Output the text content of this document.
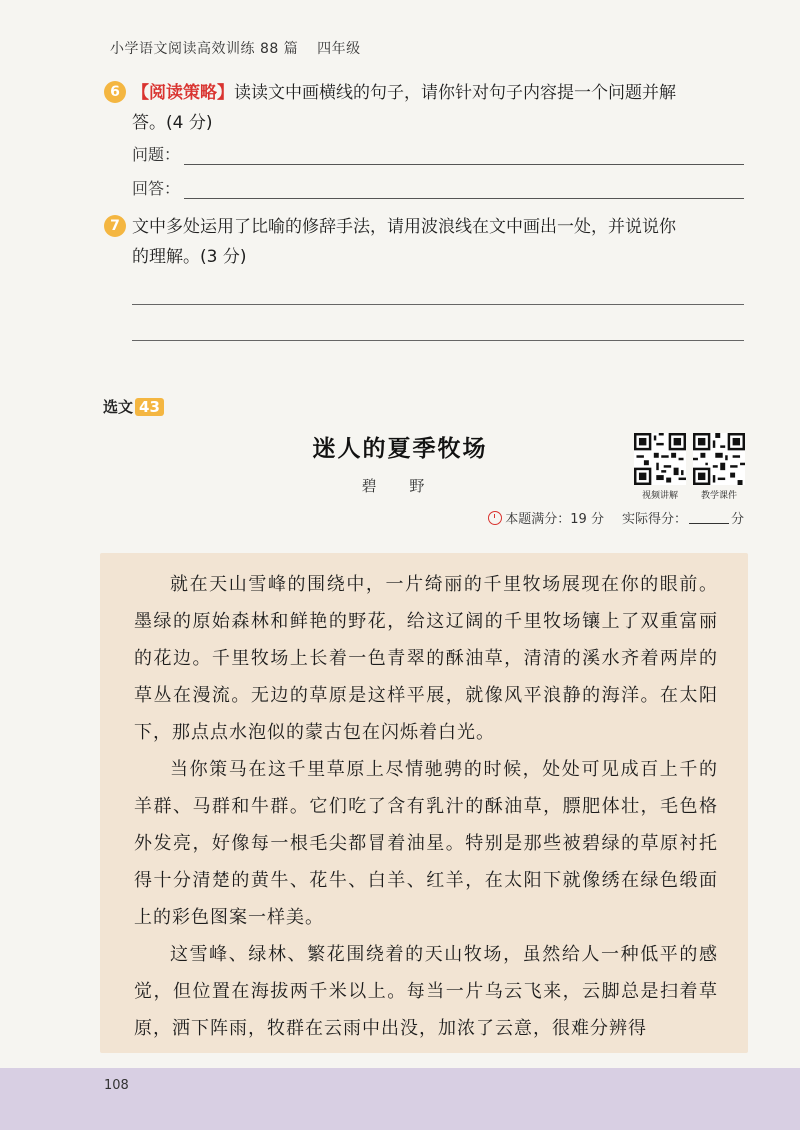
小学语文阅读高效训练 88 篇 四年级
6 【阅读策略】读读文中画横线的句子，请你针对句子内容提一个问题并解
答。(4 分)
问题：
回答：
7 文中多处运用了比喻的修辞手法，请用波浪线在文中画出一处，并说说你
的理解。(3 分)
选文 43
迷人的夏季牧场
碧 野
视频讲解	教学课件
本题满分：19 分 实际得分：	分

就在天山雪峰的围绕中，一片绮丽的千里牧场展现在你的眼前。墨绿的原始森林和鲜艳的野花，给这辽阔的千里牧场镶上了双重富丽的花边。千里牧场上长着一色青翠的酥油草，清清的溪水齐着两岸的草丛在漫流。无边的草原是这样平展，就像风平浪静的海洋。在太阳下，那点点水泡似的蒙古包在闪烁着白光。

当你策马在这千里草原上尽情驰骋的时候，处处可见成百上千的羊群、马群和牛群。它们吃了含有乳汁的酥油草，膘肥体壮，毛色格外发亮，好像每一根毛尖都冒着油星。特别是那些被碧绿的草原衬托得十分清楚的黄牛、花牛、白羊、红羊，在太阳下就像绣在绿色缎面上的彩色图案一样美。

这雪峰、绿林、繁花围绕着的天山牧场，虽然给人一种低平的感觉，但位置在海拔两千米以上。每当一片乌云飞来，云脚总是扫着草原，洒下阵雨，牧群在云雨中出没，加浓了云意，很难分辨得

108
